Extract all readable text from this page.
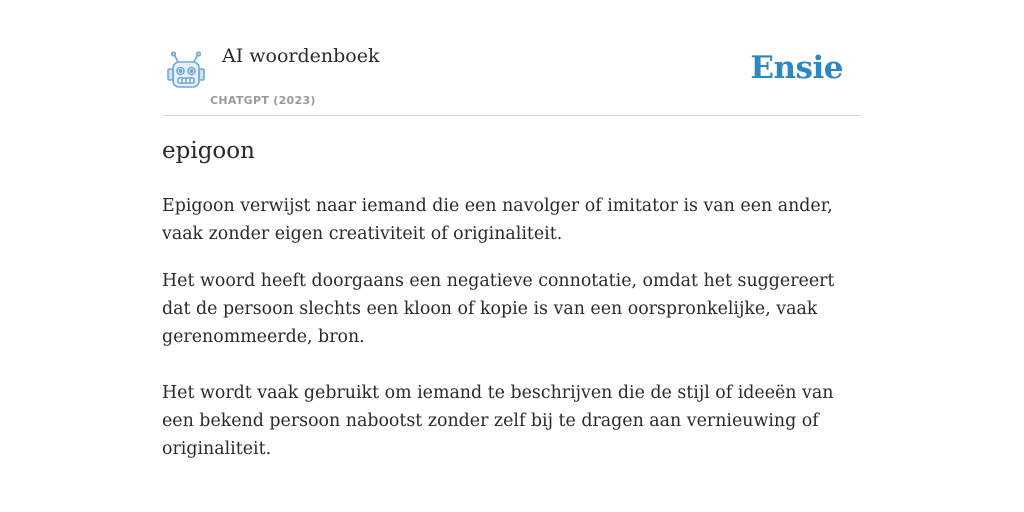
AI woordenboek
CHATGPT (2023)
Ensie
epigoon

Epigoon verwijst naar iemand die een navolger of imitator is van een ander, vaak zonder eigen creativiteit of originaliteit.

Het woord heeft doorgaans een negatieve connotatie, omdat het suggereert dat de persoon slechts een kloon of kopie is van een oorspronkelijke, vaak gerenommeerde, bron.

Het wordt vaak gebruikt om iemand te beschrijven die de stijl of ideeën van een bekend persoon nabootst zonder zelf bij te dragen aan vernieuwing of originaliteit.
